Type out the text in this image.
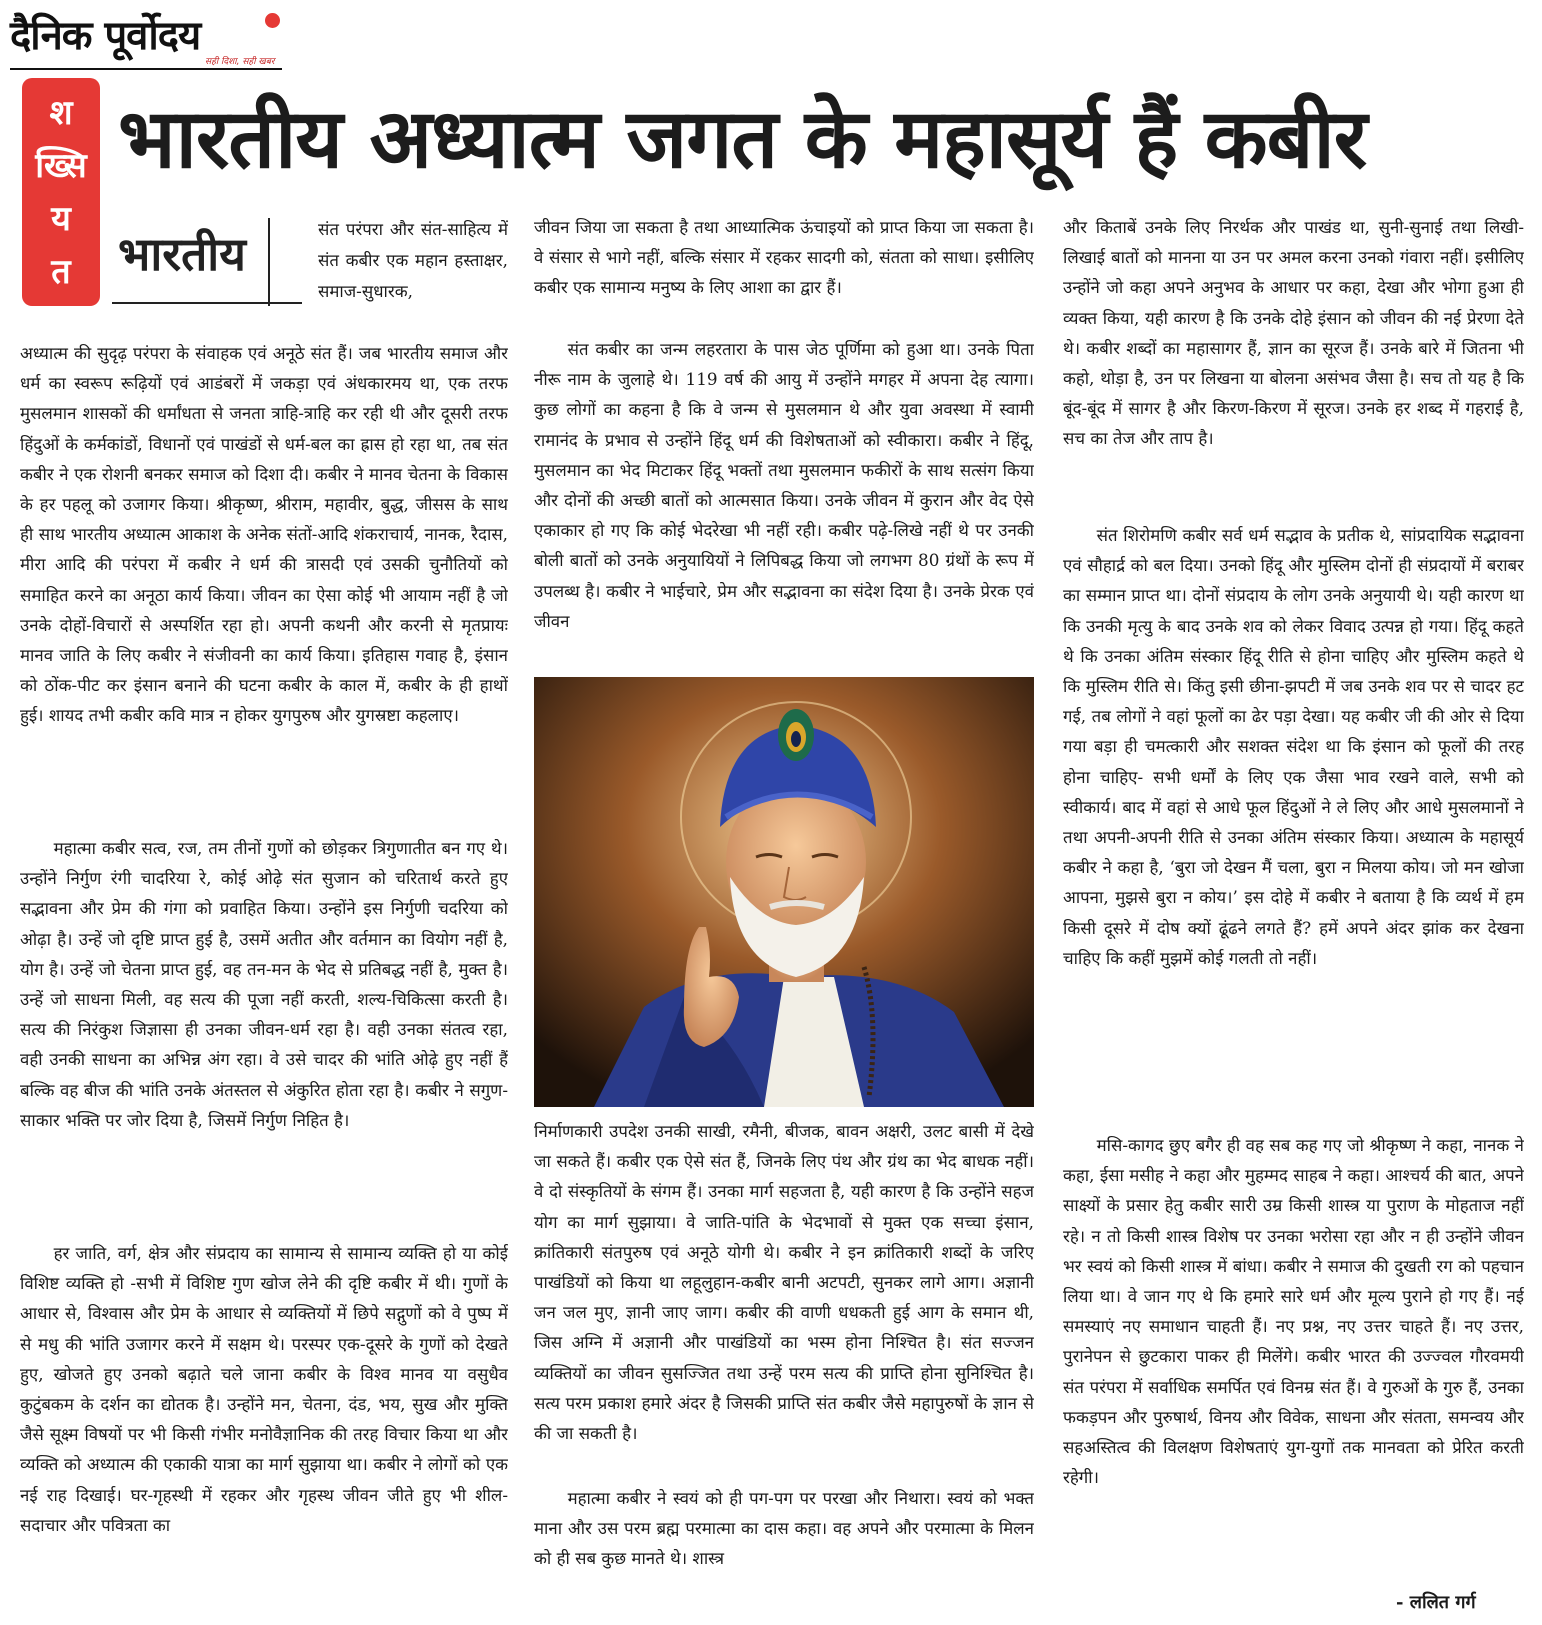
दैनिक पूर्वोदय
सही दिशा, सही खबर
श
ख्सि
य
त
भारतीय अध्यात्म जगत के महासूर्य हैं कबीर
भारतीय	संत परंपरा और संत-साहित्य में संत कबीर एक महान हस्ताक्षर, समाज-सुधारक,

अध्यात्म की सुदृढ़ परंपरा के संवाहक एवं अनूठे संत हैं। जब भारतीय समाज और धर्म का स्वरूप रूढ़ियों एवं आडंबरों में जकड़ा एवं अंधकारमय था, एक तरफ मुसलमान शासकों की धर्मांधता से जनता त्राहि-त्राहि कर रही थी और दूसरी तरफ हिंदुओं के कर्मकांडों, विधानों एवं पाखंडों से धर्म-बल का ह्रास हो रहा था, तब संत कबीर ने एक रोशनी बनकर समाज को दिशा दी। कबीर ने मानव चेतना के विकास के हर पहलू को उजागर किया। श्रीकृष्ण, श्रीराम, महावीर, बुद्ध, जीसस के साथ ही साथ भारतीय अध्यात्म आकाश के अनेक संतों-आदि शंकराचार्य, नानक, रैदास, मीरा आदि की परंपरा में कबीर ने धर्म की त्रासदी एवं उसकी चुनौतियों को समाहित करने का अनूठा कार्य किया। जीवन का ऐसा कोई भी आयाम नहीं है जो उनके दोहों-विचारों से अस्पर्शित रहा हो। अपनी कथनी और करनी से मृतप्रायः मानव जाति के लिए कबीर ने संजीवनी का कार्य किया। इतिहास गवाह है, इंसान को ठोंक-पीट कर इंसान बनाने की घटना कबीर के काल में, कबीर के ही हाथों हुई। शायद तभी कबीर कवि मात्र न होकर युगपुरुष और युगस्रष्टा कहलाए।

महात्मा कबीर सत्व, रज, तम तीनों गुणों को छोड़कर त्रिगुणातीत बन गए थे। उन्होंने निर्गुण रंगी चादरिया रे, कोई ओढ़े संत सुजान को चरितार्थ करते हुए सद्भावना और प्रेम की गंगा को प्रवाहित किया। उन्होंने इस निर्गुणी चदरिया को ओढ़ा है। उन्हें जो दृष्टि प्राप्त हुई है, उसमें अतीत और वर्तमान का वियोग नहीं है, योग है। उन्हें जो चेतना प्राप्त हुई, वह तन-मन के भेद से प्रतिबद्ध नहीं है, मुक्त है। उन्हें जो साधना मिली, वह सत्य की पूजा नहीं करती, शल्य-चिकित्सा करती है। सत्य की निरंकुश जिज्ञासा ही उनका जीवन-धर्म रहा है। वही उनका संतत्व रहा, वही उनकी साधना का अभिन्न अंग रहा। वे उसे चादर की भांति ओढ़े हुए नहीं हैं बल्कि वह बीज की भांति उनके अंतस्तल से अंकुरित होता रहा है। कबीर ने सगुण-साकार भक्ति पर जोर दिया है, जिसमें निर्गुण निहित है।

हर जाति, वर्ग, क्षेत्र और संप्रदाय का सामान्य से सामान्य व्यक्ति हो या कोई विशिष्ट व्यक्ति हो -सभी में विशिष्ट गुण खोज लेने की दृष्टि कबीर में थी। गुणों के आधार से, विश्वास और प्रेम के आधार से व्यक्तियों में छिपे सद्गुणों को वे पुष्प में से मधु की भांति उजागर करने में सक्षम थे। परस्पर एक-दूसरे के गुणों को देखते हुए, खोजते हुए उनको बढ़ाते चले जाना कबीर के विश्व मानव या वसुधैव कुटुंबकम के दर्शन का द्योतक है। उन्होंने मन, चेतना, दंड, भय, सुख और मुक्ति जैसे सूक्ष्म विषयों पर भी किसी गंभीर मनोवैज्ञानिक की तरह विचार किया था और व्यक्ति को अध्यात्म की एकाकी यात्रा का मार्ग सुझाया था। कबीर ने लोगों को एक नई राह दिखाई। घर-गृहस्थी में रहकर और गृहस्थ जीवन जीते हुए भी शील-सदाचार और पवित्रता का

जीवन जिया जा सकता है तथा आध्यात्मिक ऊंचाइयों को प्राप्त किया जा सकता है। वे संसार से भागे नहीं, बल्कि संसार में रहकर सादगी को, संतता को साधा। इसीलिए कबीर एक सामान्य मनुष्य के लिए आशा का द्वार हैं।

संत कबीर का जन्म लहरतारा के पास जेठ पूर्णिमा को हुआ था। उनके पिता नीरू नाम के जुलाहे थे। 119 वर्ष की आयु में उन्होंने मगहर में अपना देह त्यागा। कुछ लोगों का कहना है कि वे जन्म से मुसलमान थे और युवा अवस्था में स्वामी रामानंद के प्रभाव से उन्होंने हिंदू धर्म की विशेषताओं को स्वीकारा। कबीर ने हिंदू, मुसलमान का भेद मिटाकर हिंदू भक्तों तथा मुसलमान फकीरों के साथ सत्संग किया और दोनों की अच्छी बातों को आत्मसात किया। उनके जीवन में कुरान और वेद ऐसे एकाकार हो गए कि कोई भेदरेखा भी नहीं रही। कबीर पढ़े-लिखे नहीं थे पर उनकी बोली बातों को उनके अनुयायियों ने लिपिबद्ध किया जो लगभग 80 ग्रंथों के रूप में उपलब्ध है। कबीर ने भाईचारे, प्रेम और सद्भावना का संदेश दिया है। उनके प्रेरक एवं जीवन

निर्माणकारी उपदेश उनकी साखी, रमैनी, बीजक, बावन अक्षरी, उलट बासी में देखे जा सकते हैं। कबीर एक ऐसे संत हैं, जिनके लिए पंथ और ग्रंथ का भेद बाधक नहीं। वे दो संस्कृतियों के संगम हैं। उनका मार्ग सहजता है, यही कारण है कि उन्होंने सहज योग का मार्ग सुझाया। वे जाति-पांति के भेदभावों से मुक्त एक सच्चा इंसान, क्रांतिकारी संतपुरुष एवं अनूठे योगी थे। कबीर ने इन क्रांतिकारी शब्दों के जरिए पाखंडियों को किया था लहूलुहान-कबीर बानी अटपटी, सुनकर लागे आग। अज्ञानी जन जल मुए, ज्ञानी जाए जाग। कबीर की वाणी धधकती हुई आग के समान थी, जिस अग्नि में अज्ञानी और पाखंडियों का भस्म होना निश्चित है। संत सज्जन व्यक्तियों का जीवन सुसज्जित तथा उन्हें परम सत्य की प्राप्ति होना सुनिश्चित है। सत्य परम प्रकाश हमारे अंदर है जिसकी प्राप्ति संत कबीर जैसे महापुरुषों के ज्ञान से की जा सकती है।

महात्मा कबीर ने स्वयं को ही पग-पग पर परखा और निथारा। स्वयं को भक्त माना और उस परम ब्रह्म परमात्मा का दास कहा। वह अपने और परमात्मा के मिलन को ही सब कुछ मानते थे। शास्त्र

और किताबें उनके लिए निरर्थक और पाखंड था, सुनी-सुनाई तथा लिखी-लिखाई बातों को मानना या उन पर अमल करना उनको गंवारा नहीं। इसीलिए उन्होंने जो कहा अपने अनुभव के आधार पर कहा, देखा और भोगा हुआ ही व्यक्त किया, यही कारण है कि उनके दोहे इंसान को जीवन की नई प्रेरणा देते थे। कबीर शब्दों का महासागर हैं, ज्ञान का सूरज हैं। उनके बारे में जितना भी कहो, थोड़ा है, उन पर लिखना या बोलना असंभव जैसा है। सच तो यह है कि बूंद-बूंद में सागर है और किरण-किरण में सूरज। उनके हर शब्द में गहराई है, सच का तेज और ताप है।

संत शिरोमणि कबीर सर्व धर्म सद्भाव के प्रतीक थे, सांप्रदायिक सद्भावना एवं सौहार्द्र को बल दिया। उनको हिंदू और मुस्लिम दोनों ही संप्रदायों में बराबर का सम्मान प्राप्त था। दोनों संप्रदाय के लोग उनके अनुयायी थे। यही कारण था कि उनकी मृत्यु के बाद उनके शव को लेकर विवाद उत्पन्न हो गया। हिंदू कहते थे कि उनका अंतिम संस्कार हिंदू रीति से होना चाहिए और मुस्लिम कहते थे कि मुस्लिम रीति से। किंतु इसी छीना-झपटी में जब उनके शव पर से चादर हट गई, तब लोगों ने वहां फूलों का ढेर पड़ा देखा। यह कबीर जी की ओर से दिया गया बड़ा ही चमत्कारी और सशक्त संदेश था कि इंसान को फूलों की तरह होना चाहिए- सभी धर्मों के लिए एक जैसा भाव रखने वाले, सभी को स्वीकार्य। बाद में वहां से आधे फूल हिंदुओं ने ले लिए और आधे मुसलमानों ने तथा अपनी-अपनी रीति से उनका अंतिम संस्कार किया। अध्यात्म के महासूर्य कबीर ने कहा है, ‘बुरा जो देखन मैं चला, बुरा न मिलया कोय। जो मन खोजा आपना, मुझसे बुरा न कोय।’ इस दोहे में कबीर ने बताया है कि व्यर्थ में हम किसी दूसरे में दोष क्यों ढूंढने लगते हैं? हमें अपने अंदर झांक कर देखना चाहिए कि कहीं मुझमें कोई गलती तो नहीं।

मसि-कागद छुए बगैर ही वह सब कह गए जो श्रीकृष्ण ने कहा, नानक ने कहा, ईसा मसीह ने कहा और मुहम्मद साहब ने कहा। आश्चर्य की बात, अपने साक्ष्यों के प्रसार हेतु कबीर सारी उम्र किसी शास्त्र या पुराण के मोहताज नहीं रहे। न तो किसी शास्त्र विशेष पर उनका भरोसा रहा और न ही उन्होंने जीवन भर स्वयं को किसी शास्त्र में बांधा। कबीर ने समाज की दुखती रग को पहचान लिया था। वे जान गए थे कि हमारे सारे धर्म और मूल्य पुराने हो गए हैं। नई समस्याएं नए समाधान चाहती हैं। नए प्रश्न, नए उत्तर चाहते हैं। नए उत्तर, पुरानेपन से छुटकारा पाकर ही मिलेंगे। कबीर भारत की उज्ज्वल गौरवमयी संत परंपरा में सर्वाधिक समर्पित एवं विनम्र संत हैं। वे गुरुओं के गुरु हैं, उनका फकड़पन और पुरुषार्थ, विनय और विवेक, साधना और संतता, समन्वय और सहअस्तित्व की विलक्षण विशेषताएं युग-युगों तक मानवता को प्रेरित करती रहेगी।

- ललित गर्ग
